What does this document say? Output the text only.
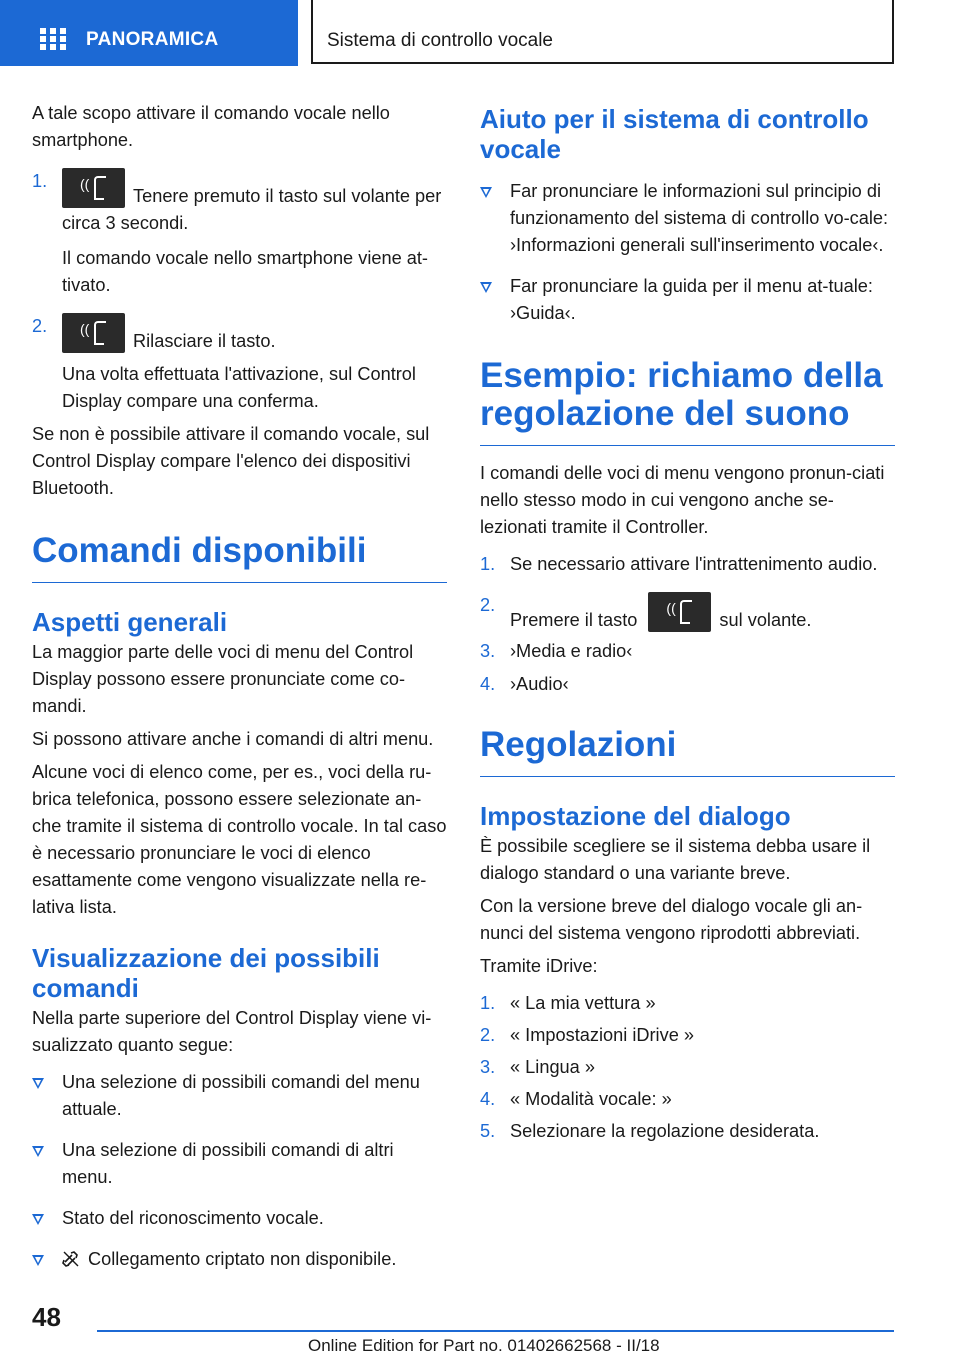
PANORAMICA	Sistema di controllo vocale

A tale scopo attivare il comando vocale nello smartphone.

1. ((
Tenere premuto il tasto sul volante per circa 3 secondi.

Il comando vocale nello smartphone viene at‐tivato.

2. ((
Rilasciare il tasto.

Una volta effettuata l'attivazione, sul Control Display compare una conferma.

Se non è possibile attivare il comando vocale, sul Control Display compare l'elenco dei dispositivi Bluetooth.

Comandi disponibili
Aspetti generali

La maggior parte delle voci di menu del Control Display possono essere pronunciate come co‐mandi.

Si possono attivare anche i comandi di altri menu.

Alcune voci di elenco come, per es., voci della ru‐brica telefonica, possono essere selezionate an‐che tramite il sistema di controllo vocale. In tal caso è necessario pronunciare le voci di elenco esattamente come vengono visualizzate nella re‐lativa lista.

Visualizzazione dei possibili comandi

Nella parte superiore del Control Display viene vi‐sualizzato quanto segue:

Una selezione di possibili comandi del menu attuale.
Una selezione di possibili comandi di altri menu.
Stato del riconoscimento vocale.
Collegamento criptato non disponibile.
Aiuto per il sistema di controllo vocale
Far pronunciare le informazioni sul principio di funzionamento del sistema di controllo vo‐cale: ›Informazioni generali sull'inserimento vocale‹.
Far pronunciare la guida per il menu at‐tuale: ›Guida‹.
Esempio: richiamo della regolazione del suono

I comandi delle voci di menu vengono pronun‐ciati nello stesso modo in cui vengono anche se‐lezionati tramite il Controller.

1. Se necessario attivare l'intrattenimento audio.
2.
Premere il tasto
((
sul volante.
3. ›Media e radio‹
4. ›Audio‹
Regolazioni
Impostazione del dialogo

È possibile scegliere se il sistema debba usare il dialogo standard o una variante breve.

Con la versione breve del dialogo vocale gli an‐nunci del sistema vengono riprodotti abbreviati.

Tramite iDrive:

1. « La mia vettura »
2. « Impostazioni iDrive »
3. « Lingua »
4. « Modalità vocale: »
5. Selezionare la regolazione desiderata.
48
Online Edition for Part no. 01402662568 - II/18
